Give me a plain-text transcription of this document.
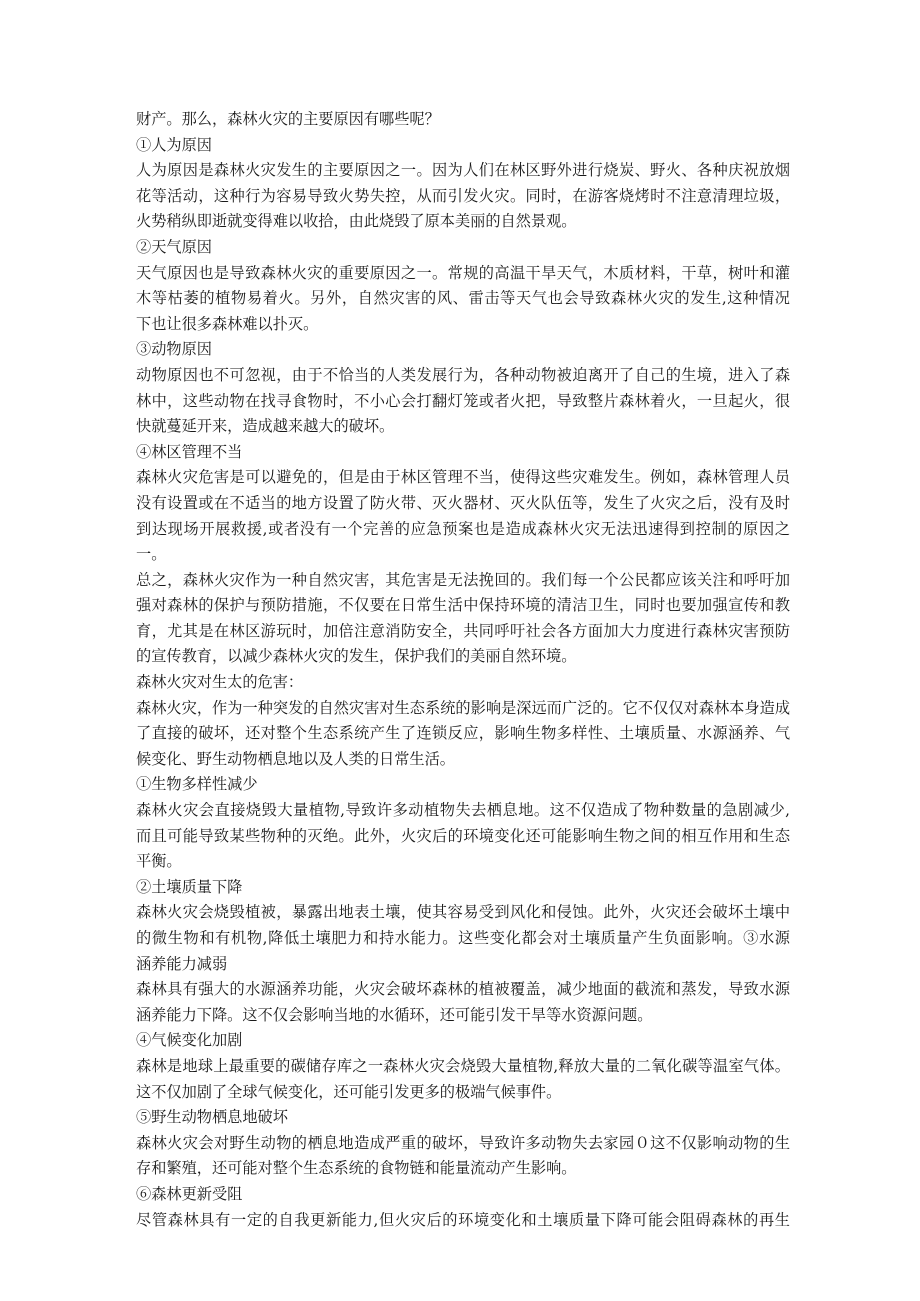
财产。那么，森林火灾的主要原因有哪些呢？
①人为原因
人为原因是森林火灾发生的主要原因之一。因为人们在林区野外进行烧炭、野火、各种庆祝放烟
花等活动，这种行为容易导致火势失控，从而引发火灾。同时，在游客烧烤时不注意清理垃圾，
火势稍纵即逝就变得难以收拾，由此烧毁了原本美丽的自然景观。
②天气原因
天气原因也是导致森林火灾的重要原因之一。常规的高温干旱天气，木质材料，干草，树叶和灌
木等枯萎的植物易着火。另外，自然灾害的风、雷击等天气也会导致森林火灾的发生,这种情况
下也让很多森林难以扑灭。
③动物原因
动物原因也不可忽视，由于不恰当的人类发展行为，各种动物被迫离开了自己的生境，进入了森
林中，这些动物在找寻食物时，不小心会打翻灯笼或者火把，导致整片森林着火，一旦起火，很
快就蔓延开来，造成越来越大的破坏。
④林区管理不当
森林火灾危害是可以避免的，但是由于林区管理不当，使得这些灾难发生。例如，森林管理人员
没有设置或在不适当的地方设置了防火带、灭火器材、灭火队伍等，发生了火灾之后，没有及时
到达现场开展救援,或者没有一个完善的应急预案也是造成森林火灾无法迅速得到控制的原因之
一。
总之，森林火灾作为一种自然灾害，其危害是无法挽回的。我们每一个公民都应该关注和呼吁加
强对森林的保护与预防措施，不仅要在日常生活中保持环境的清洁卫生，同时也要加强宣传和教
育，尤其是在林区游玩时，加倍注意消防安全，共同呼吁社会各方面加大力度进行森林灾害预防
的宣传教育，以减少森林火灾的发生，保护我们的美丽自然环境。
森林火灾对生太的危害：
森林火灾，作为一种突发的自然灾害对生态系统的影响是深远而广泛的。它不仅仅对森林本身造成
了直接的破坏，还对整个生态系统产生了连锁反应，影响生物多样性、土壤质量、水源涵养、气
候变化、野生动物栖息地以及人类的日常生活。
①生物多样性减少
森林火灾会直接烧毁大量植物,导致许多动植物失去栖息地。这不仅造成了物种数量的急剧减少,
而且可能导致某些物种的灭绝。此外，火灾后的环境变化还可能影响生物之间的相互作用和生态
平衡。
②土壤质量下降
森林火灾会烧毁植被，暴露出地表土壤，使其容易受到风化和侵蚀。此外，火灾还会破坏土壤中
的微生物和有机物,降低土壤肥力和持水能力。这些变化都会对土壤质量产生负面影响。③水源
涵养能力减弱
森林具有强大的水源涵养功能，火灾会破坏森林的植被覆盖，减少地面的截流和蒸发，导致水源
涵养能力下降。这不仅会影响当地的水循环，还可能引发干旱等水资源问题。
④气候变化加剧
森林是地球上最重要的碳储存库之一森林火灾会烧毁大量植物,释放大量的二氧化碳等温室气体。
这不仅加剧了全球气候变化，还可能引发更多的极端气候事件。
⑤野生动物栖息地破坏
森林火灾会对野生动物的栖息地造成严重的破坏，导致许多动物失去家园０这不仅影响动物的生
存和繁殖，还可能对整个生态系统的食物链和能量流动产生影响。
⑥森林更新受阻
尽管森林具有一定的自我更新能力,但火灾后的环境变化和土壤质量下降可能会阻碍森林的再生
